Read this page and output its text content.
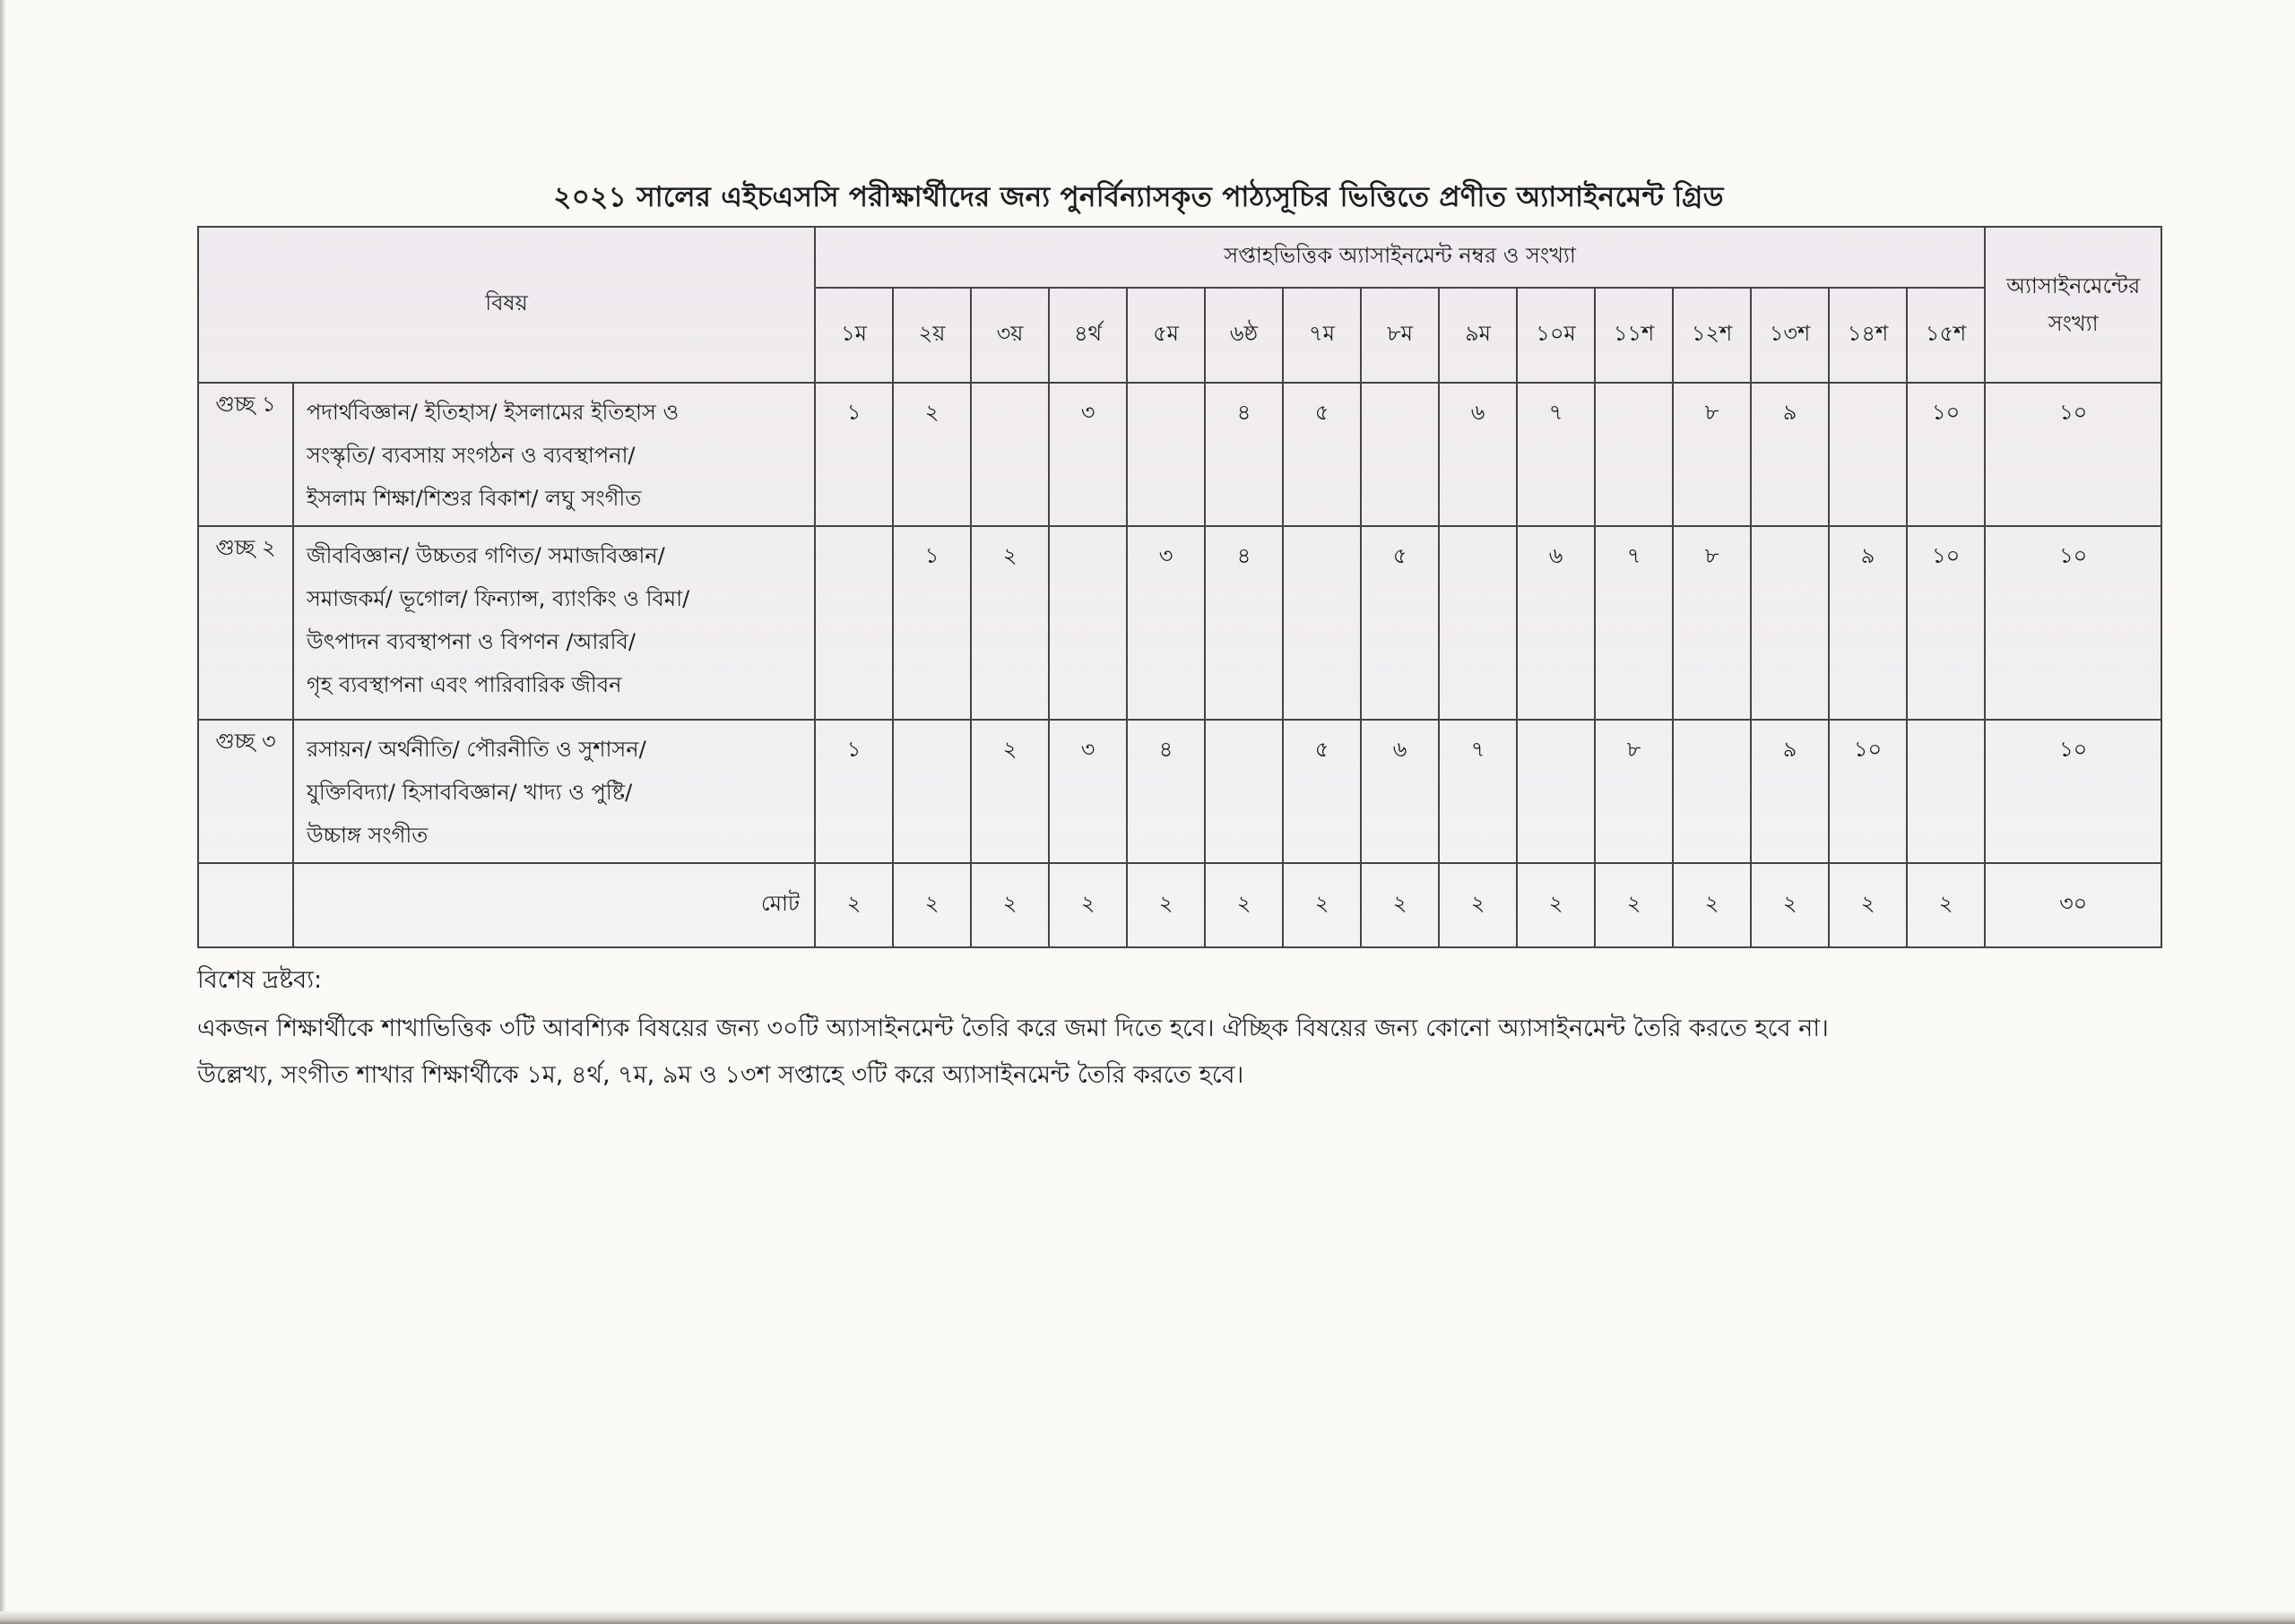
২০২১ সালের এইচএসসি পরীক্ষার্থীদের জন্য পুনর্বিন্যাসকৃত পাঠ্যসূচির ভিত্তিতে প্রণীত অ্যাসাইনমেন্ট গ্রিড
বিষয়		সপ্তাহভিত্তিক অ্যাসাইনমেন্ট নম্বর ও সংখ্যা															অ্যাসাইনমেন্টের সংখ্যা
		১ম	২য়	৩য়	৪র্থ	৫ম	৬ষ্ঠ	৭ম	৮ম	৯ম	১০ম	১১শ	১২শ	১৩শ	১৪শ	১৫শ	
গুচ্ছ ১	পদার্থবিজ্ঞান/ ইতিহাস/ ইসলামের ইতিহাস ও
সংস্কৃতি/ ব্যবসায় সংগঠন ও ব্যবস্থাপনা/
ইসলাম শিক্ষা/শিশুর বিকাশ/ লঘু সংগীত	১	২		৩		৪	৫		৬	৭		৮	৯		১০	১০
গুচ্ছ ২	জীববিজ্ঞান/ উচ্চতর গণিত/ সমাজবিজ্ঞান/
সমাজকর্ম/ ভূগোল/ ফিন্যান্স, ব্যাংকিং ও বিমা/
উৎপাদন ব্যবস্থাপনা ও বিপণন /আরবি/
গৃহ ব্যবস্থাপনা এবং পারিবারিক জীবন		১	২		৩	৪		৫		৬	৭	৮		৯	১০	১০
গুচ্ছ ৩	রসায়ন/ অর্থনীতি/ পৌরনীতি ও সুশাসন/
যুক্তিবিদ্যা/ হিসাববিজ্ঞান/ খাদ্য ও পুষ্টি/
উচ্চাঙ্গ সংগীত	১		২	৩	৪		৫	৬	৭		৮		৯	১০		১০
	মোট	২	২	২	২	২	২	২	২	২	২	২	২	২	২	২	৩০
বিশেষ দ্রষ্টব্য:
একজন শিক্ষার্থীকে শাখাভিত্তিক ৩টি আবশ্যিক বিষয়ের জন্য ৩০টি অ্যাসাইনমেন্ট তৈরি করে জমা দিতে হবে। ঐচ্ছিক বিষয়ের জন্য কোনো অ্যাসাইনমেন্ট তৈরি করতে হবে না।
উল্লেখ্য, সংগীত শাখার শিক্ষার্থীকে ১ম, ৪র্থ, ৭ম, ৯ম ও ১৩শ সপ্তাহে ৩টি করে অ্যাসাইনমেন্ট তৈরি করতে হবে।
